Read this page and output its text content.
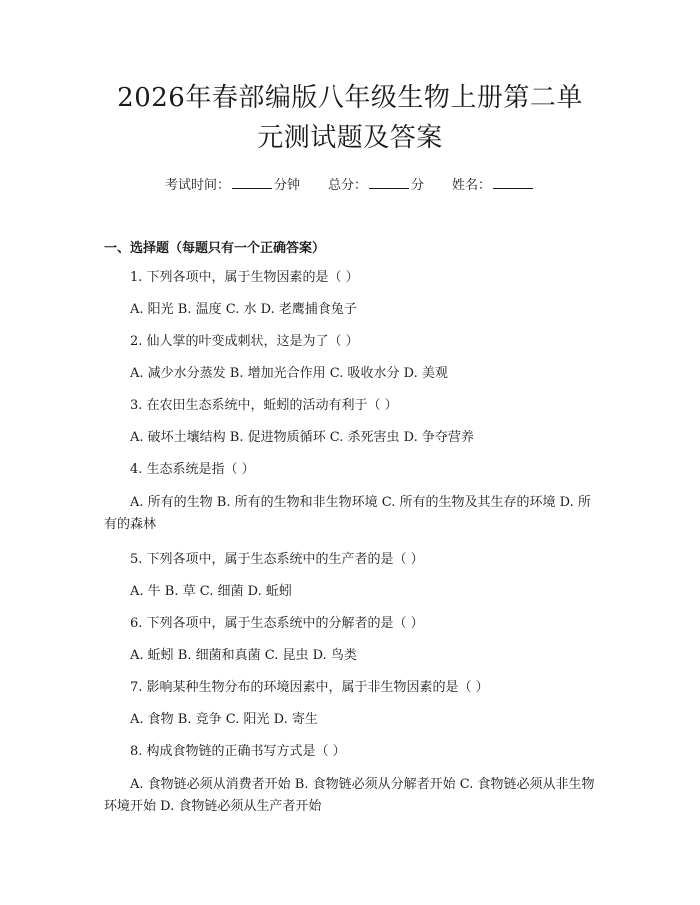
2026年春部编版八年级生物上册第二单元测试题及答案
考试时间：	分钟 总分：	分 姓名：
一、选择题（每题只有一个正确答案）

1. 下列各项中，属于生物因素的是（ ）

A. 阳光 B. 温度 C. 水 D. 老鹰捕食兔子

2. 仙人掌的叶变成刺状，这是为了（ ）

A. 减少水分蒸发 B. 增加光合作用 C. 吸收水分 D. 美观

3. 在农田生态系统中，蚯蚓的活动有利于（ ）

A. 破坏土壤结构 B. 促进物质循环 C. 杀死害虫 D. 争夺营养

4. 生态系统是指（ ）

A. 所有的生物 B. 所有的生物和非生物环境 C. 所有的生物及其生存的环境 D. 所有的森林

5. 下列各项中，属于生态系统中的生产者的是（ ）

A. 牛 B. 草 C. 细菌 D. 蚯蚓

6. 下列各项中，属于生态系统中的分解者的是（ ）

A. 蚯蚓 B. 细菌和真菌 C. 昆虫 D. 鸟类

7. 影响某种生物分布的环境因素中，属于非生物因素的是（ ）

A. 食物 B. 竞争 C. 阳光 D. 寄生

8. 构成食物链的正确书写方式是（ ）

A. 食物链必须从消费者开始 B. 食物链必须从分解者开始 C. 食物链必须从非生物环境开始 D. 食物链必须从生产者开始
